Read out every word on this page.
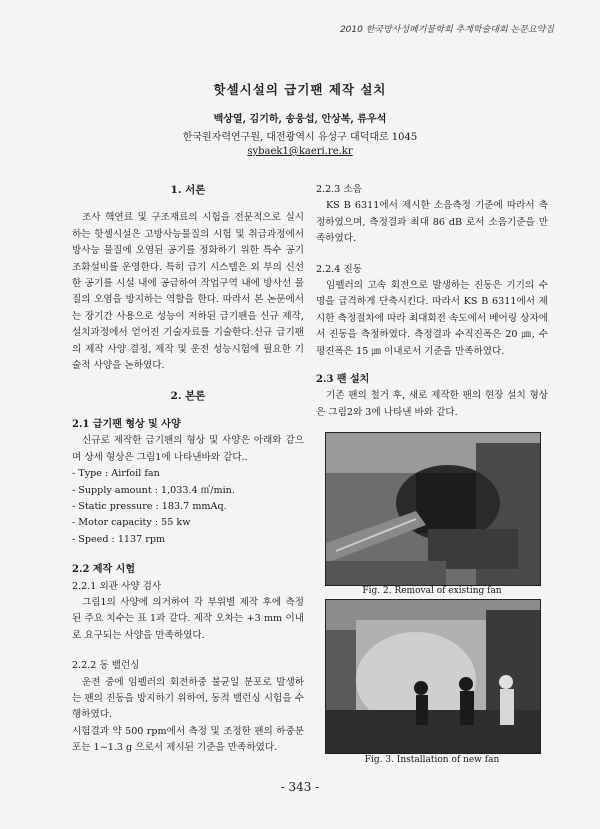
2010 한국방사성폐기물학회 추계학술대회 논문요약집
핫셀시설의 급기팬 제작 설치
백상열, 김기하, 송웅섭, 안상복, 류우석
한국원자력연구원, 대전광역시 유성구 대덕대로 1045
sybaek1@kaeri.re.kr
1. 서론

조사 핵연료 및 구조재료의 시험을 전문적으로 실시하는 핫셀시설은 고방사능물질의 시험 및 취급과정에서 방사능 물질에 오염된 공기를 정화하기 위한 특수 공기조화설비를 운영한다. 특히 급기 시스템은 외 부의 신선한 공기를 시설 내에 공급하여 작업구역 내에 방사선 물질의 오염을 방지하는 역할을 한다. 따라서 본 논문에서는 장기간 사용으로 성능이 저하된 급기팬을 신규 제작, 설치과정에서 얻어진 기술자료를 기술한다.신규 급기팬의 제작 사양 결정, 제작 및 운전 성능시험에 필요한 기술적 사양을 논하였다.

2. 본론
2.1 급기팬 형상 및 사양

신규로 제작한 급기팬의 형상 및 사양은 아래와 같으며 상세 형상은 그림1에 나타낸바와 같다..

- Type : Airfoil fan
- Supply amount : 1,033.4 ㎥/min.
- Static pressure : 183.7 mmAq.
- Motor capacity : 55 kw
- Speed : 1137 rpm
2.2 제작 시험
2.2.1 외관 사양 검사

그림1의 사양에 의거하여 각 부위별 제작 후에 측정된 주요 치수는 표 1과 같다. 제작 오차는 +3 mm 이내로 요구되는 사양을 만족하였다.

2.2.2 동 밸런싱

운전 중에 임펠러의 회전하중 불균일 분포로 발생하는 팬의 진동을 방지하기 위하여, 동적 밸런싱 시험을 수행하였다.

시험결과 약 500 rpm에서 측정 및 조정한 팬의 하중분포는 1~1.3 g 으로서 제시된 기준을 만족하였다.

2.2.3 소음

KS B 6311에서 제시한 소음측정 기준에 따라서 측정하였으며, 측정결과 최대 86 dB 로서 소음기준을 만족하였다.

2.2.4 진동

임펠러의 고속 회전으로 발생하는 진동은 기기의 수명을 급격하게 단축시킨다. 따라서 KS B 6311에서 제시한 측정절차에 따라 최대회전 속도에서 베어링 상자에서 진동을 측정하였다. 측정결과 수직진폭은 20 ㎛, 수평진폭은 15 ㎛ 이내로서 기준을 만족하였다.

2.3 팬 설치

기존 팬의 철거 후, 새로 제작한 팬의 현장 설치 형상은 그림2와 3에 나타낸 바와 같다.

Fig. 2. Removal of existing fan
Fig. 3. Installation of new fan
- 343 -
